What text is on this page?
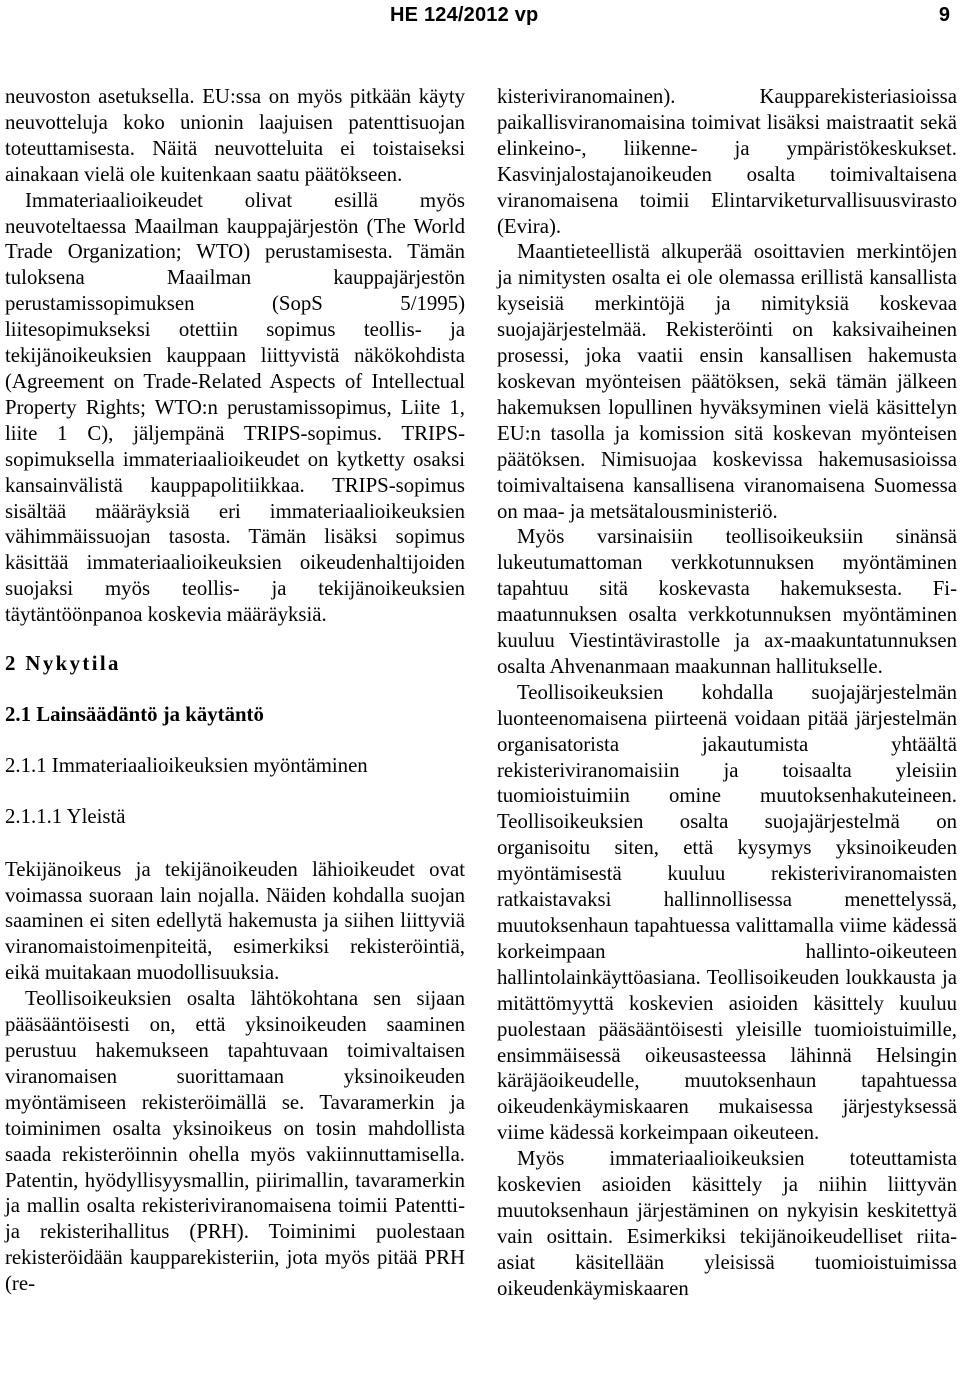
HE 124/2012 vp	9

neuvoston asetuksella. EU:ssa on myös pitkään käyty neuvotteluja koko unionin laajuisen patenttisuojan toteuttamisesta. Näitä neuvotteluita ei toistaiseksi ainakaan vielä ole kuitenkaan saatu päätökseen.

Immateriaalioikeudet olivat esillä myös neuvoteltaessa Maailman kauppajärjestön (The World Trade Organization; WTO) perustamisesta. Tämän tuloksena Maailman kauppajärjestön perustamissopimuksen (SopS 5/1995) liitesopimukseksi otettiin sopimus teollis- ja tekijänoikeuksien kauppaan liittyvistä näkökohdista (Agreement on Trade-Related Aspects of Intellectual Property Rights; WTO:n perustamissopimus, Liite 1, liite 1 C), jäljempänä TRIPS-sopimus. TRIPS-sopimuksella immateriaalioikeudet on kytketty osaksi kansainvälistä kauppapolitiikkaa. TRIPS-sopimus sisältää määräyksiä eri immateriaalioikeuksien vähimmäissuojan tasosta. Tämän lisäksi sopimus käsittää immateriaalioikeuksien oikeudenhaltijoiden suojaksi myös teollis- ja tekijänoikeuksien täytäntöönpanoa koskevia määräyksiä.

2 Nykytila
2.1 Lainsäädäntö ja käytäntö
2.1.1 Immateriaalioikeuksien myöntäminen
2.1.1.1 Yleistä

Tekijänoikeus ja tekijänoikeuden lähioikeudet ovat voimassa suoraan lain nojalla. Näiden kohdalla suojan saaminen ei siten edellytä hakemusta ja siihen liittyviä viranomaistoimenpiteitä, esimerkiksi rekisteröintiä, eikä muitakaan muodollisuuksia.

Teollisoikeuksien osalta lähtökohtana sen sijaan pääsääntöisesti on, että yksinoikeuden saaminen perustuu hakemukseen tapahtuvaan toimivaltaisen viranomaisen suorittamaan yksinoikeuden myöntämiseen rekisteröimällä se. Tavaramerkin ja toiminimen osalta yksinoikeus on tosin mahdollista saada rekisteröinnin ohella myös vakiinnuttamisella. Patentin, hyödyllisyysmallin, piirimallin, tavaramerkin ja mallin osalta rekisteriviranomaisena toimii Patentti- ja rekisterihallitus (PRH). Toiminimi puolestaan rekisteröidään kaupparekisteriin, jota myös pitää PRH (re-

kisteriviranomainen). Kaupparekisteriasioissa paikallisviranomaisina toimivat lisäksi maistraatit sekä elinkeino-, liikenne- ja ympäristökeskukset. Kasvinjalostajanoikeuden osalta toimivaltaisena viranomaisena toimii Elintarviketurvallisuusvirasto (Evira).

Maantieteellistä alkuperää osoittavien merkintöjen ja nimitysten osalta ei ole olemassa erillistä kansallista kyseisiä merkintöjä ja nimityksiä koskevaa suojajärjestelmää. Rekisteröinti on kaksivaiheinen prosessi, joka vaatii ensin kansallisen hakemusta koskevan myönteisen päätöksen, sekä tämän jälkeen hakemuksen lopullinen hyväksyminen vielä käsittelyn EU:n tasolla ja komission sitä koskevan myönteisen päätöksen. Nimisuojaa koskevissa hakemusasioissa toimivaltaisena kansallisena viranomaisena Suomessa on maa- ja metsätalousministeriö.

Myös varsinaisiin teollisoikeuksiin sinänsä lukeutumattoman verkkotunnuksen myöntäminen tapahtuu sitä koskevasta hakemuksesta. Fi-maatunnuksen osalta verkkotunnuksen myöntäminen kuuluu Viestintävirastolle ja ax-maakuntatunnuksen osalta Ahvenanmaan maakunnan hallitukselle.

Teollisoikeuksien kohdalla suojajärjestelmän luonteenomaisena piirteenä voidaan pitää järjestelmän organisatorista jakautumista yhtäältä rekisteriviranomaisiin ja toisaalta yleisiin tuomioistuimiin omine muutoksenhakuteineen. Teollisoikeuksien osalta suojajärjestelmä on organisoitu siten, että kysymys yksinoikeuden myöntämisestä kuuluu rekisteriviranomaisten ratkaistavaksi hallinnollisessa menettelyssä, muutoksenhaun tapahtuessa valittamalla viime kädessä korkeimpaan hallinto-oikeuteen hallintolainkäyttöasiana. Teollisoikeuden loukkausta ja mitättömyyttä koskevien asioiden käsittely kuuluu puolestaan pääsääntöisesti yleisille tuomioistuimille, ensimmäisessä oikeusasteessa lähinnä Helsingin käräjäoikeudelle, muutoksenhaun tapahtuessa oikeudenkäymiskaaren mukaisessa järjestyksessä viime kädessä korkeimpaan oikeuteen.

Myös immateriaalioikeuksien toteuttamista koskevien asioiden käsittely ja niihin liittyvän muutoksenhaun järjestäminen on nykyisin keskitettyä vain osittain. Esimerkiksi tekijänoikeudelliset riita-asiat käsitellään yleisissä tuomioistuimissa oikeudenkäymiskaaren
